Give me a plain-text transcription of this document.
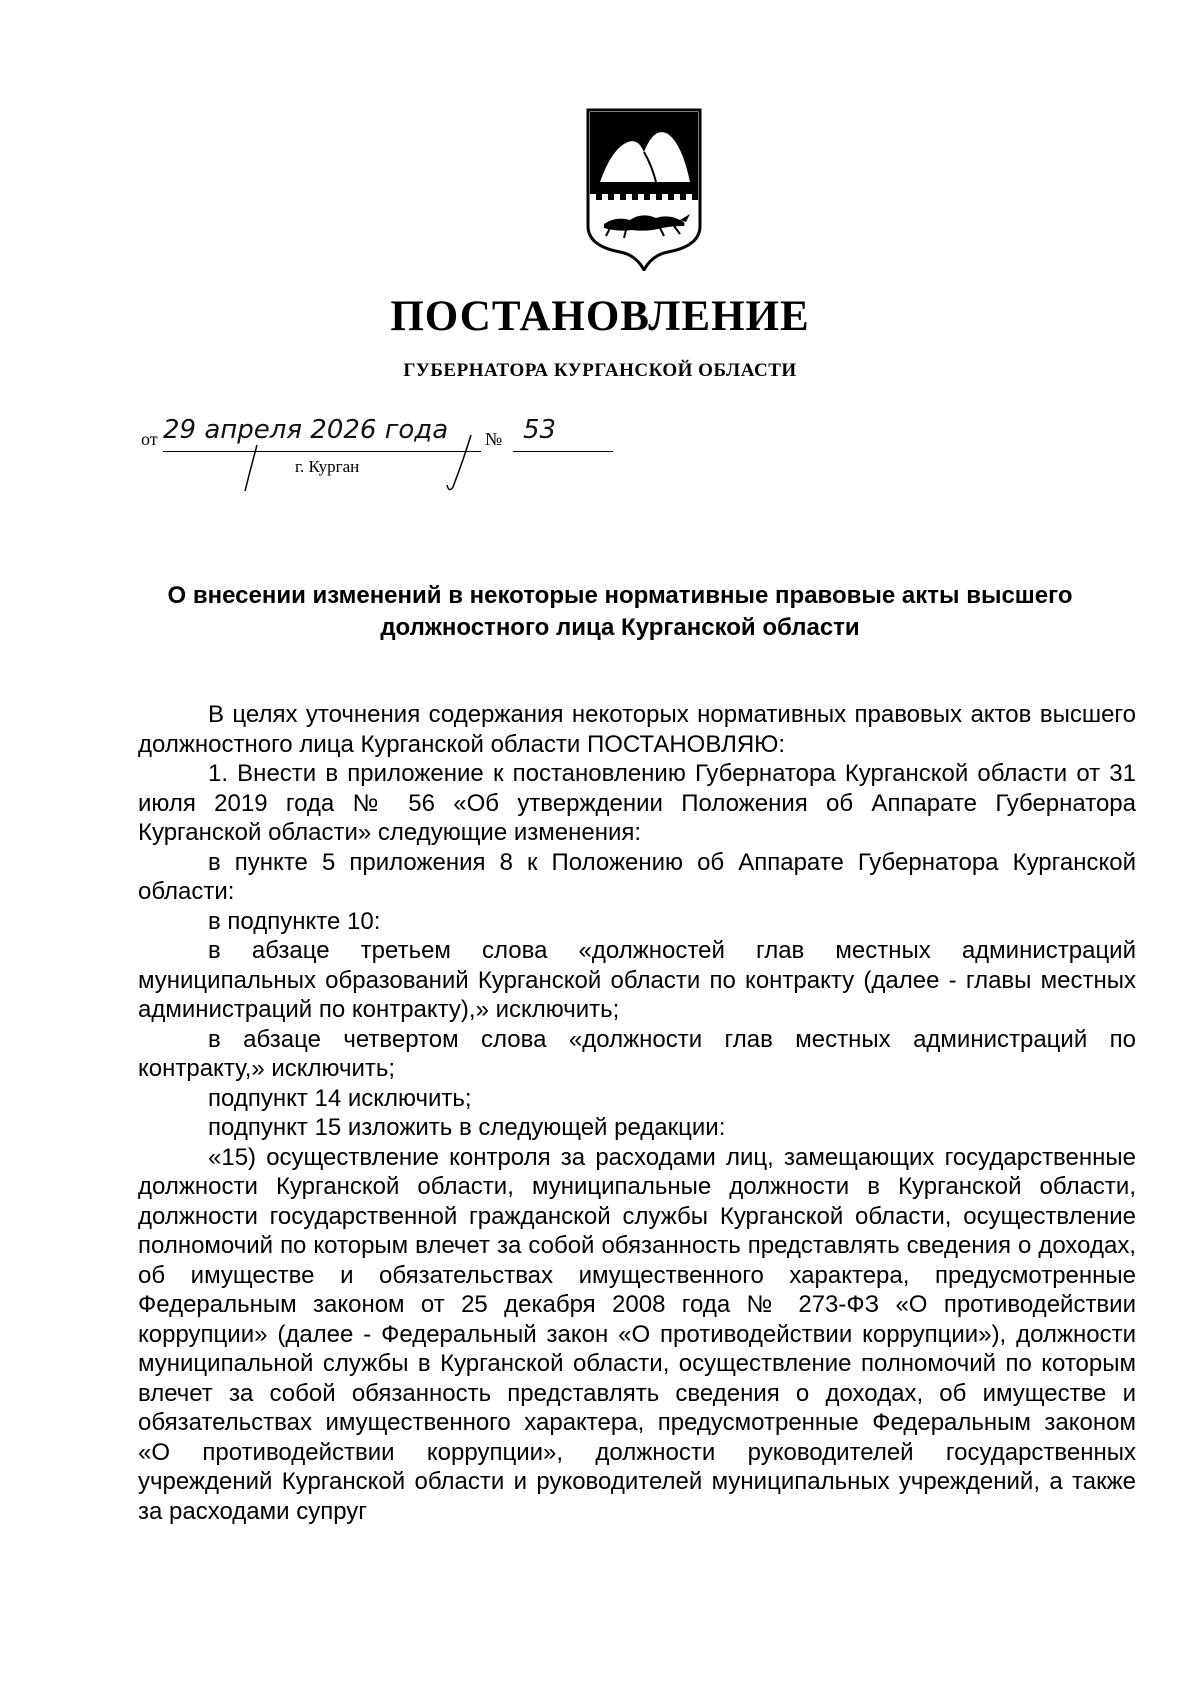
ПОСТАНОВЛЕНИЕ
ГУБЕРНАТОРА КУРГАНСКОЙ ОБЛАСТИ
от 29 апреля 2026 года № 53
г. Курган
О внесении изменений в некоторые нормативные правовые акты высшего должностного лица Курганской области

В целях уточнения содержания некоторых нормативных правовых актов высшего должностного лица Курганской области ПОСТАНОВЛЯЮ:

1. Внести в приложение к постановлению Губернатора Курганской области от 31 июля 2019 года № 56 «Об утверждении Положения об Аппарате Губернатора Курганской области» следующие изменения:

в пункте 5 приложения 8 к Положению об Аппарате Губернатора Курганской области:

в подпункте 10:

в абзаце третьем слова «должностей глав местных администраций муниципальных образований Курганской области по контракту (далее - главы местных администраций по контракту),» исключить;

в абзаце четвертом слова «должности глав местных администраций по контракту,» исключить;

подпункт 14 исключить;

подпункт 15 изложить в следующей редакции:

«15) осуществление контроля за расходами лиц, замещающих государственные должности Курганской области, муниципальные должности в Курганской области, должности государственной гражданской службы Курганской области, осуществление полномочий по которым влечет за собой обязанность представлять сведения о доходах, об имуществе и обязательствах имущественного характера, предусмотренные Федеральным законом от 25 декабря 2008 года № 273-ФЗ «О противодействии коррупции» (далее - Федеральный закон «О противодействии коррупции»), должности муниципальной службы в Курганской области, осуществление полномочий по которым влечет за собой обязанность представлять сведения о доходах, об имуществе и обязательствах имущественного характера, предусмотренные Федеральным законом «О противодействии коррупции», должности руководителей государственных учреждений Курганской области и руководителей муниципальных учреждений, а также за расходами супруг
